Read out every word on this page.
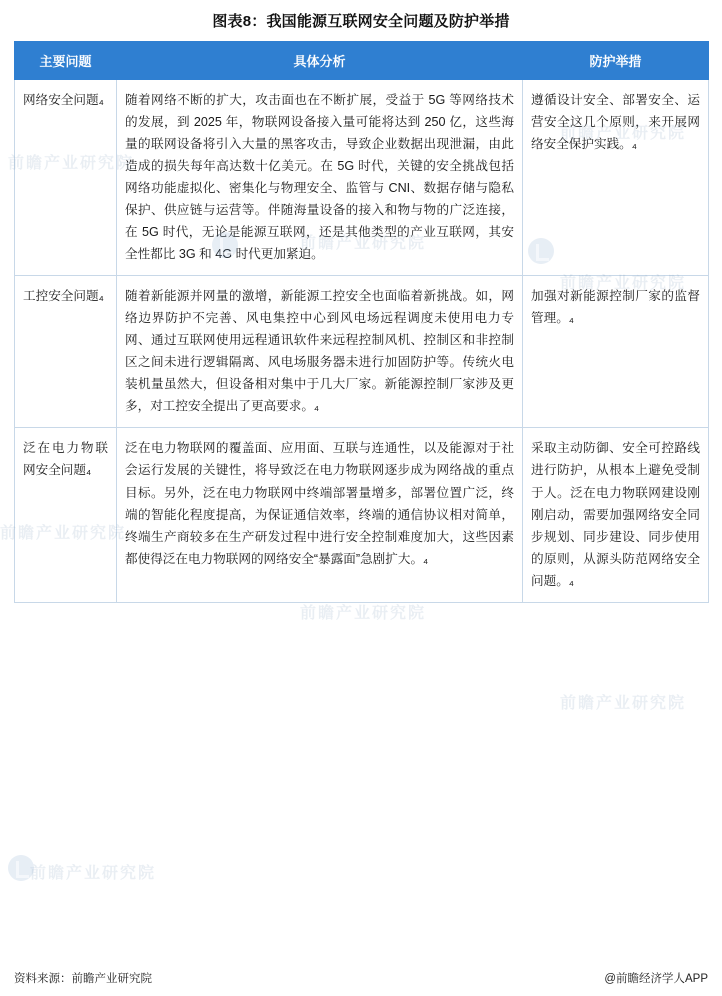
图表8：我国能源互联网安全问题及防护举措
主要问题	具体分析	防护举措
网络安全问题₄	随着网络不断的扩大，攻击面也在不断扩展，受益于 5G 等网络技术的发展，到 2025 年，物联网设备接入量可能将达到 250 亿，这些海量的联网设备将引入大量的黑客攻击，导致企业数据出现泄漏，由此造成的损失每年高达数十亿美元。在 5G 时代，关键的安全挑战包括网络功能虚拟化、密集化与物理安全、监管与 CNI、数据存储与隐私保护、供应链与运营等。伴随海量设备的接入和物与物的广泛连接，在 5G 时代，无论是能源互联网，还是其他类型的产业互联网，其安全性都比 3G 和 4G 时代更加紧迫。	遵循设计安全、部署安全、运营安全这几个原则，来开展网络安全保护实践。₄
工控安全问题₄	随着新能源并网量的激增，新能源工控安全也面临着新挑战。如，网络边界防护不完善、风电集控中心到风电场远程调度未使用电力专网、通过互联网使用远程通讯软件来远程控制风机、控制区和非控制区之间未进行逻辑隔离、风电场服务器未进行加固防护等。传统火电装机量虽然大，但设备相对集中于几大厂家。新能源控制厂家涉及更多，对工控安全提出了更高要求。₄	加强对新能源控制厂家的监督管理。₄
泛在电力物联网安全问题₄	泛在电力物联网的覆盖面、应用面、互联与连通性，以及能源对于社会运行发展的关键性，将导致泛在电力物联网逐步成为网络战的重点目标。另外，泛在电力物联网中终端部署量增多，部署位置广泛，终端的智能化程度提高，为保证通信效率，终端的通信协议相对简单，终端生产商较多在生产研发过程中进行安全控制难度加大，这些因素都使得泛在电力物联网的网络安全“暴露面”急剧扩大。₄	采取主动防御、安全可控路线进行防护，从根本上避免受制于人。泛在电力物联网建设刚刚启动，需要加强网络安全同步规划、同步建设、同步使用的原则，从源头防范网络安全问题。₄
前瞻产业研究院
前瞻产业研究院
前瞻产业研究院
资料来源：前瞻产业研究院	@前瞻经济学人APP
